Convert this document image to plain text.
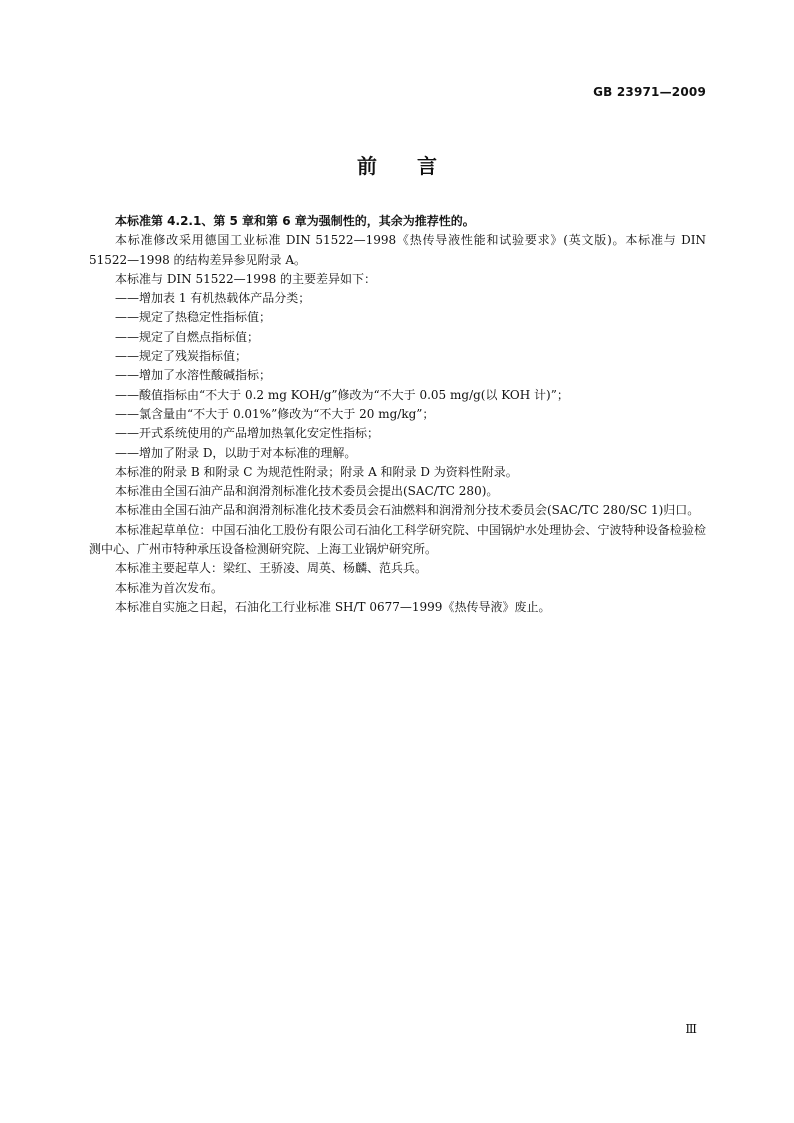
GB 23971—2009
前言

本标准第 4.2.1、第 5 章和第 6 章为强制性的，其余为推荐性的。

本标准修改采用德国工业标准 DIN 51522—1998《热传导液性能和试验要求》(英文版)。本标准与 DIN 51522—1998 的结构差异参见附录 A。

本标准与 DIN 51522—1998 的主要差异如下：

——增加表 1 有机热载体产品分类；

——规定了热稳定性指标值；

——规定了自燃点指标值；

——规定了残炭指标值；

——增加了水溶性酸碱指标；

——酸值指标由“不大于 0.2 mg KOH/g”修改为“不大于 0.05 mg/g(以 KOH 计)”；

——氯含量由“不大于 0.01%”修改为“不大于 20 mg/kg”；

——开式系统使用的产品增加热氧化安定性指标；

——增加了附录 D，以助于对本标准的理解。

本标准的附录 B 和附录 C 为规范性附录；附录 A 和附录 D 为资料性附录。

本标准由全国石油产品和润滑剂标准化技术委员会提出(SAC/TC 280)。

本标准由全国石油产品和润滑剂标准化技术委员会石油燃料和润滑剂分技术委员会(SAC/TC 280/SC 1)归口。

本标准起草单位：中国石油化工股份有限公司石油化工科学研究院、中国锅炉水处理协会、宁波特种设备检验检测中心、广州市特种承压设备检测研究院、上海工业锅炉研究所。

本标准主要起草人：梁红、王骄凌、周英、杨麟、范兵兵。

本标准为首次发布。

本标准自实施之日起，石油化工行业标准 SH/T 0677—1999《热传导液》废止。

Ⅲ
